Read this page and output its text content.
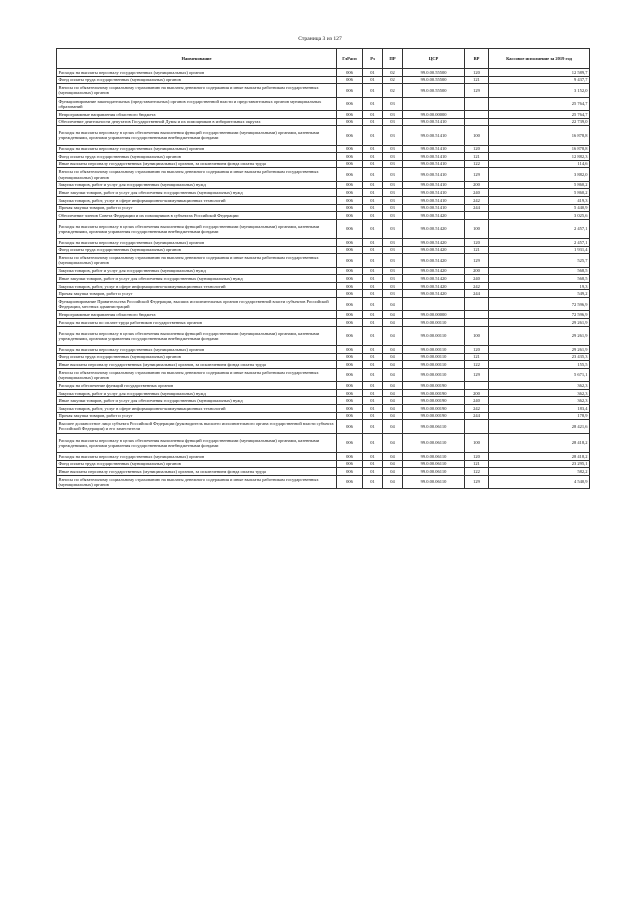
Страница 3 из 127
Наименование	ГлРасп	Рз	ПР	ЦСР	ВР	Кассовое исполнение за 2019 год
Расходы на выплаты персоналу государственных (муниципальных) органов	006	01	02	99.0.00.55500	120	12 589,7
Фонд оплаты труда государственных (муниципальных) органов	006	01	02	99.0.00.55500	121	9 437,7
Взносы по обязательному социальному страхованию на выплаты денежного содержания и иные выплаты работникам государственных (муниципальных) органов	006	01	02	99.0.00.55500	129	3 152,0
Функционирование законодательных (представительных) органов государственной власти и представительных органов муниципальных образований	006	01	03			25 764,7
Непрограммные направления областного бюджета	006	01	03	99.0.00.00000		25 764,7
Обеспечение деятельности депутатов Государственной Думы и их помощников в избирательных округах	006	01	03	99.0.00.51410		22 739,0
Расходы на выплаты персоналу в целях обеспечения выполнения функций государственными (муниципальными) органами, казенными учреждениями, органами управления государственными внебюджетными фондами	006	01	03	99.0.00.51410	100	16 878,8
Расходы на выплаты персоналу государственных (муниципальных) органов	006	01	03	99.0.00.51410	120	16 878,8
Фонд оплаты труда государственных (муниципальных) органов	006	01	03	99.0.00.51410	121	12 882,3
Иные выплаты персоналу государственных (муниципальных) органов, за исключением фонда оплаты труда	006	01	03	99.0.00.51410	122	114,6
Взносы по обязательному социальному страхованию на выплаты денежного содержания и иные выплаты работникам государственных (муниципальных) органов	006	01	03	99.0.00.51410	129	3 882,0
Закупка товаров, работ и услуг для государственных (муниципальных) нужд	006	01	03	99.0.00.51410	200	5 860,2
Иные закупки товаров, работ и услуг для обеспечения государственных (муниципальных) нужд	006	01	03	99.0.00.51410	240	5 860,2
Закупка товаров, работ, услуг в сфере информационно-коммуникационных технологий	006	01	03	99.0.00.51410	242	419,3
Прочая закупка товаров, работ и услуг	006	01	03	99.0.00.51410	244	5 440,9
Обеспечение членов Совета Федерации и их помощников в субъектах Российской Федерации	006	01	03	99.0.00.51420		3 025,6
Расходы на выплаты персоналу в целях обеспечения выполнения функций государственными (муниципальными) органами, казенными учреждениями, органами управления государственными внебюджетными фондами	006	01	03	99.0.00.51420	100	2 457,1
Расходы на выплаты персоналу государственных (муниципальных) органов	006	01	03	99.0.00.51420	120	2 457,1
Фонд оплаты труда государственных (муниципальных) органов	006	01	03	99.0.00.51420	121	1 931,4
Взносы по обязательному социальному страхованию на выплаты денежного содержания и иные выплаты работникам государственных (муниципальных) органов	006	01	03	99.0.00.51420	129	525,7
Закупка товаров, работ и услуг для государственных (муниципальных) нужд	006	01	03	99.0.00.51420	200	568,5
Иные закупки товаров, работ и услуг для обеспечения государственных (муниципальных) нужд	006	01	03	99.0.00.51420	240	568,5
Закупка товаров, работ, услуг в сфере информационно-коммуникационных технологий	006	01	03	99.0.00.51420	242	19,3
Прочая закупка товаров, работ и услуг	006	01	03	99.0.00.51420	244	549,2
Функционирование Правительства Российской Федерации, высших исполнительных органов государственной власти субъектов Российской Федерации, местных администраций	006	01	04			72 596,9
Непрограммные направления областного бюджета	006	01	04	99.0.00.00000		72 596,9
Расходы на выплаты по оплате труда работников государственных органов	006	01	04	99.0.00.00110		29 261,9
Расходы на выплаты персоналу в целях обеспечения выполнения функций государственными (муниципальными) органами, казенными учреждениями, органами управления государственными внебюджетными фондами	006	01	04	99.0.00.00110	100	29 261,9
Расходы на выплаты персоналу государственных (муниципальных) органов	006	01	04	99.0.00.00110	120	29 261,9
Фонд оплаты труда государственных (муниципальных) органов	006	01	04	99.0.00.00110	121	23 435,3
Иные выплаты персоналу государственных (муниципальных) органов, за исключением фонда оплаты труда	006	01	04	99.0.00.00110	122	155,5
Взносы по обязательному социальному страхованию на выплаты денежного содержания и иные выплаты работникам государственных (муниципальных) органов	006	01	04	99.0.00.00110	129	5 671,1
Расходы на обеспечение функций государственных органов	006	01	04	99.0.00.00190		362,3
Закупка товаров, работ и услуг для государственных (муниципальных) нужд	006	01	04	99.0.00.00190	200	362,3
Иные закупки товаров, работ и услуг для обеспечения государственных (муниципальных) нужд	006	01	04	99.0.00.00190	240	362,3
Закупка товаров, работ, услуг в сфере информационно-коммуникационных технологий	006	01	04	99.0.00.00190	242	183,4
Прочая закупка товаров, работ и услуг	006	01	04	99.0.00.00190	244	178,9
Высшее должностное лицо субъекта Российской Федерации (руководитель высшего исполнительного органа государственной власти субъекта Российской Федерации) и его заместители	006	01	04	99.0.00.06110		28 421,6
Расходы на выплаты персоналу в целях обеспечения выполнения функций государственными (муниципальными) органами, казенными учреждениями, органами управления государственными внебюджетными фондами	006	01	04	99.0.00.06110	100	28 418,2
Расходы на выплаты персоналу государственных (муниципальных) органов	006	01	04	99.0.00.06110	120	28 418,2
Фонд оплаты труда государственных (муниципальных) органов	006	01	04	99.0.00.06110	121	23 295,1
Иные выплаты персоналу государственных (муниципальных) органов, за исключением фонда оплаты труда	006	01	04	99.0.00.06110	122	582,2
Взносы по обязательному социальному страхованию на выплаты денежного содержания и иные выплаты работникам государственных (муниципальных) органов	006	01	04	99.0.00.06110	129	4 540,9
